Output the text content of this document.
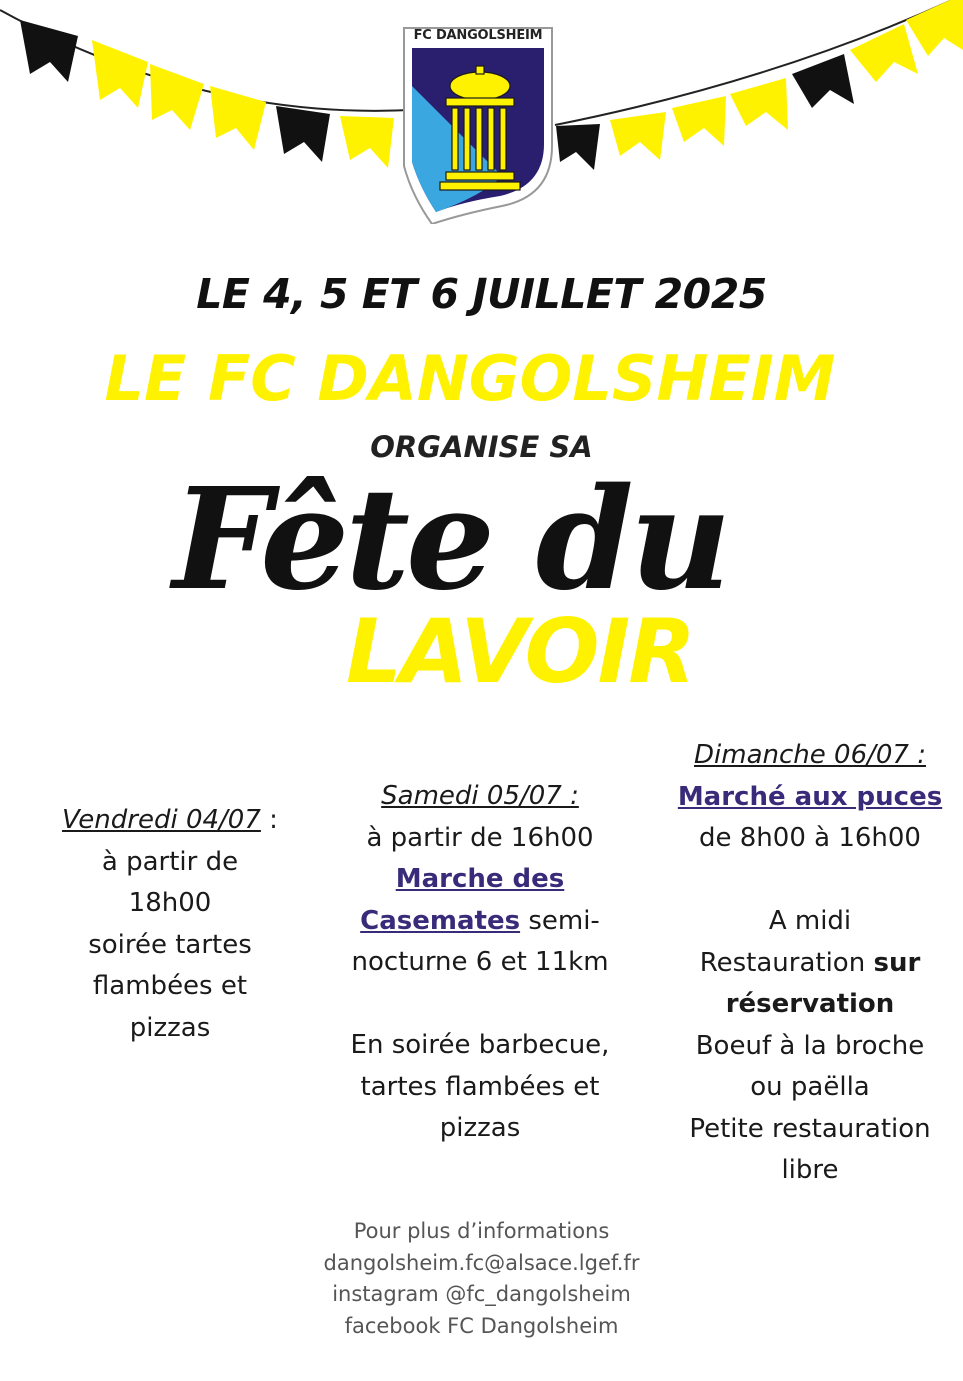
FC DANGOLSHEIM
LE 4, 5 ET 6 JUILLET 2025
LE FC DANGOLSHEIM
ORGANISE SA
Fête du
LAVOIR
Vendredi 04/07 :
à partir de
18h00
soirée tartes
flambées et
pizzas
Samedi 05/07 :
à partir de 16h00
Marche des
Casemates semi-
nocturne 6 et 11km
En soirée barbecue,
tartes flambées et
pizzas
Dimanche 06/07 :
Marché aux puces
de 8h00 à 16h00
A midi
Restauration sur
réservation
Boeuf à la broche
ou paëlla
Petite restauration
libre
Pour plus d’informations
dangolsheim.fc@alsace.lgef.fr
instagram @fc_dangolsheim
facebook FC Dangolsheim
